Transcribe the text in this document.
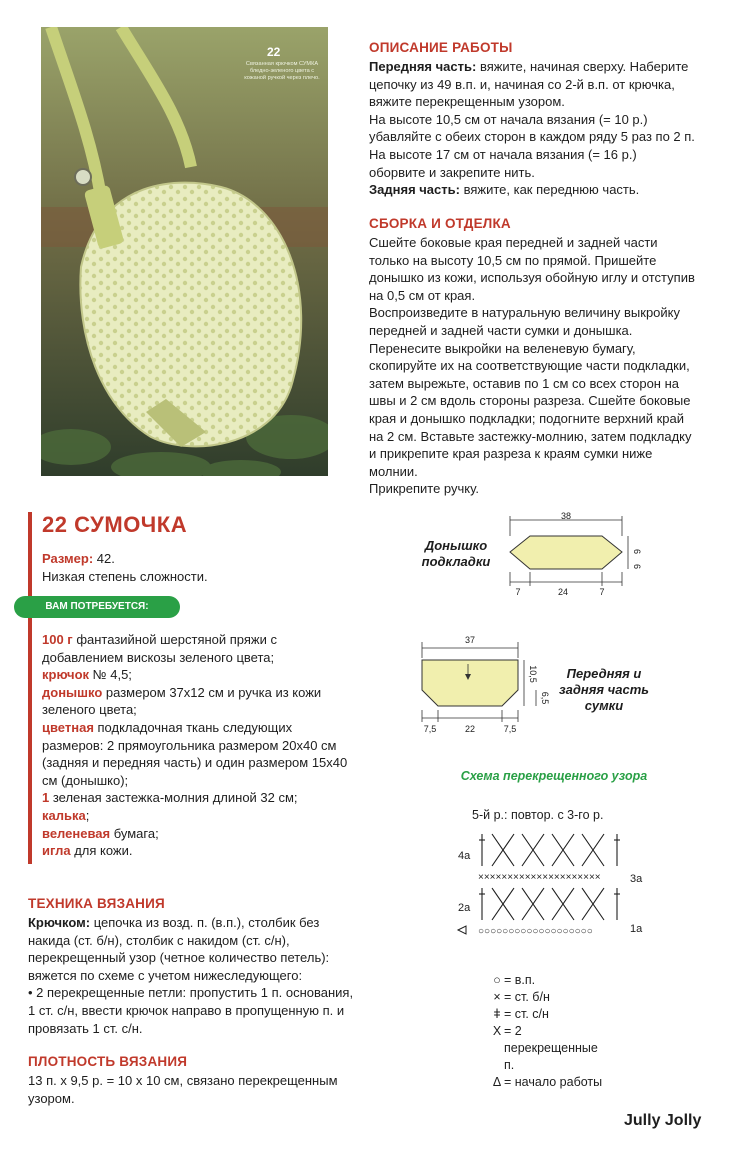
22
Связанная крючком СУМКА бледно-зеленого цвета с кожаной ручкой через плечо.
ОПИСАНИЕ РАБОТЫ
Передняя часть: вяжите, начиная сверху. Наберите цепочку из 49 в.п. и, начиная со 2-й в.п. от крючка, вяжите перекрещенным узором.
На высоте 10,5 см от начала вязания (= 10 р.) убавляйте с обеих сторон в каждом ряду 5 раз по 2 п.
На высоте 17 см от начала вязания (= 16 р.) оборвите и закрепите нить.
Задняя часть: вяжите, как переднюю часть.
СБОРКА И ОТДЕЛКА
Сшейте боковые края передней и задней части только на высоту 10,5 см по прямой. Пришейте донышко из кожи, используя обойную иглу и отступив на 0,5 см от края.
Воспроизведите в натуральную величину выкройку передней и задней части сумки и донышка. Перенесите выкройки на веленевую бумагу, скопируйте их на соответствующие части подкладки, затем вырежьте, оставив по 1 см со всех сторон на швы и 2 см вдоль стороны разреза. Сшейте боковые края и донышко подкладки; подогните верхний край на 2 см. Вставьте застежку-молнию, затем подкладку и прикрепите края разреза к краям сумки ниже молнии.
Прикрепите ручку.
22 СУМОЧКА
Размер: 42.
Низкая степень сложности.
ВАМ ПОТРЕБУЕТСЯ:
100 г фантазийной шерстяной пряжи с добавлением вискозы зеленого цвета;
крючок № 4,5;
донышко размером 37x12 см и ручка из кожи зеленого цвета;
цветная подкладочная ткань следующих размеров: 2 прямоугольника размером 20x40 см (задняя и передняя часть) и один размером 15x40 см (донышко);
1 зеленая застежка-молния длиной 32 см;
калька;
веленевая бумага;
игла для кожи.
ТЕХНИКА ВЯЗАНИЯ
Крючком: цепочка из возд. п. (в.п.), столбик без накида (ст. б/н), столбик с накидом (ст. с/н), перекрещенный узор (четное количество петель): вяжется по схеме с учетом нижеследующего:
• 2 перекрещенные петли: пропустить 1 п. основания, 1 ст. с/н, ввести крючок направо в пропущенную п. и провязать 1 ст. с/н.
ПЛОТНОСТЬ ВЯЗАНИЯ
13 п. x 9,5 р. = 10 x 10 см, связано перекрещенным узором.
Донышко подкладки
38
6
6
7	24	7
37
10,5
6,5
7,5	22	7,5
Передняя и задняя часть сумки
Схема перекрещенного узора
5-й р.: повтор. с 3-го р.
4а
3а
2а
1а
×××××××××××××××××××××
○○○○○○○○○○○○○○○○○○○
○ = в.п.
× = ст. б/н
ǂ = ст. с/н
X = 2 перекрещенные п.
Δ = начало работы
Jully Jolly
